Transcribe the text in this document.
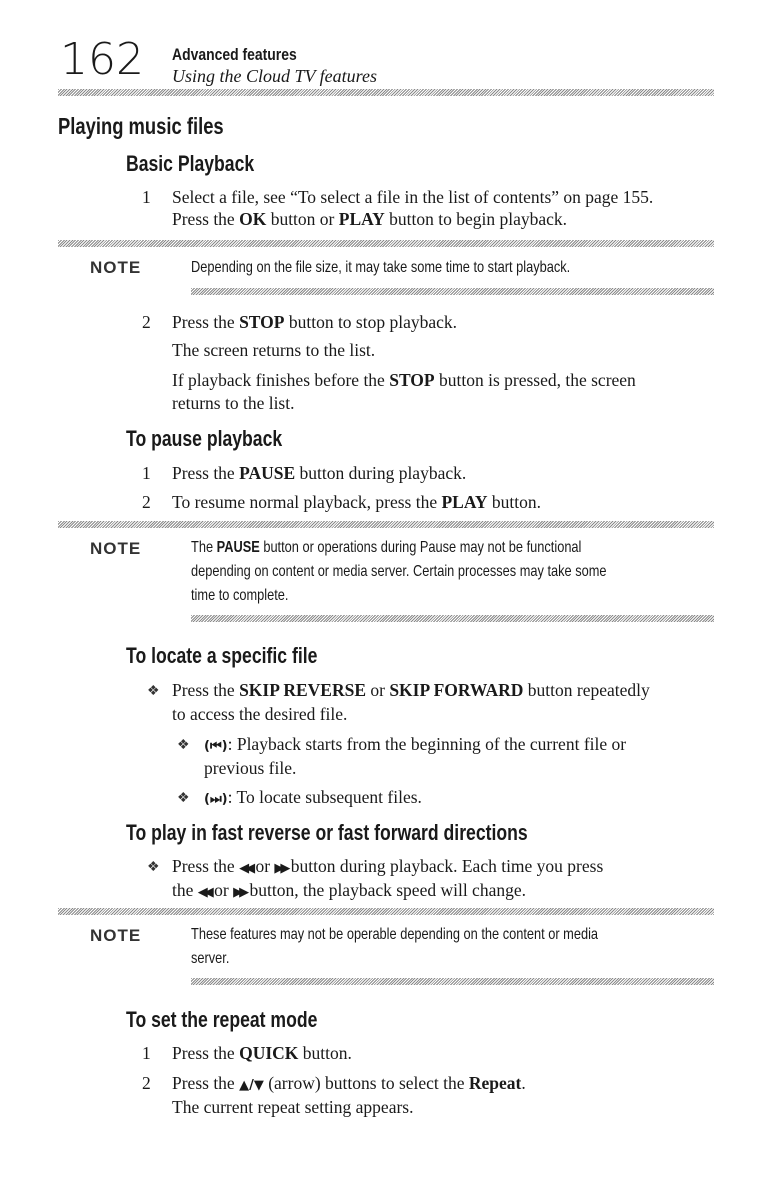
162 Advanced features
Using the Cloud TV features
Playing music files
Basic Playback
1	Select a file, see “To select a file in the list of contents” on page 155.
Press the OK button or PLAY button to begin playback.
NOTE	Depending on the file size, it may take some time to start playback.
2	Press the STOP button to stop playback.
The screen returns to the list.
If playback finishes before the STOP button is pressed, the screen
returns to the list.
To pause playback
1	Press the PAUSE button during playback.
2	To resume normal playback, press the PLAY button.
NOTE	The PAUSE button or operations during Pause may not be functional
depending on content or media server. Certain processes may take some
time to complete.
To locate a specific file
❖ Press the SKIP REVERSE or SKIP FORWARD button repeatedly
to access the desired file.
❖ (⏮): Playback starts from the beginning of the current file or
previous file.
❖ (⏭): To locate subsequent files.
To play in fast reverse or fast forward directions
❖ Press the ◀◀ or ▶▶ button during playback. Each time you press
the ◀◀ or ▶▶ button, the playback speed will change.
NOTE	These features may not be operable depending on the content or media
server.
To set the repeat mode
1	Press the QUICK button.
2	Press the ▲/▼ (arrow) buttons to select the Repeat.
The current repeat setting appears.
